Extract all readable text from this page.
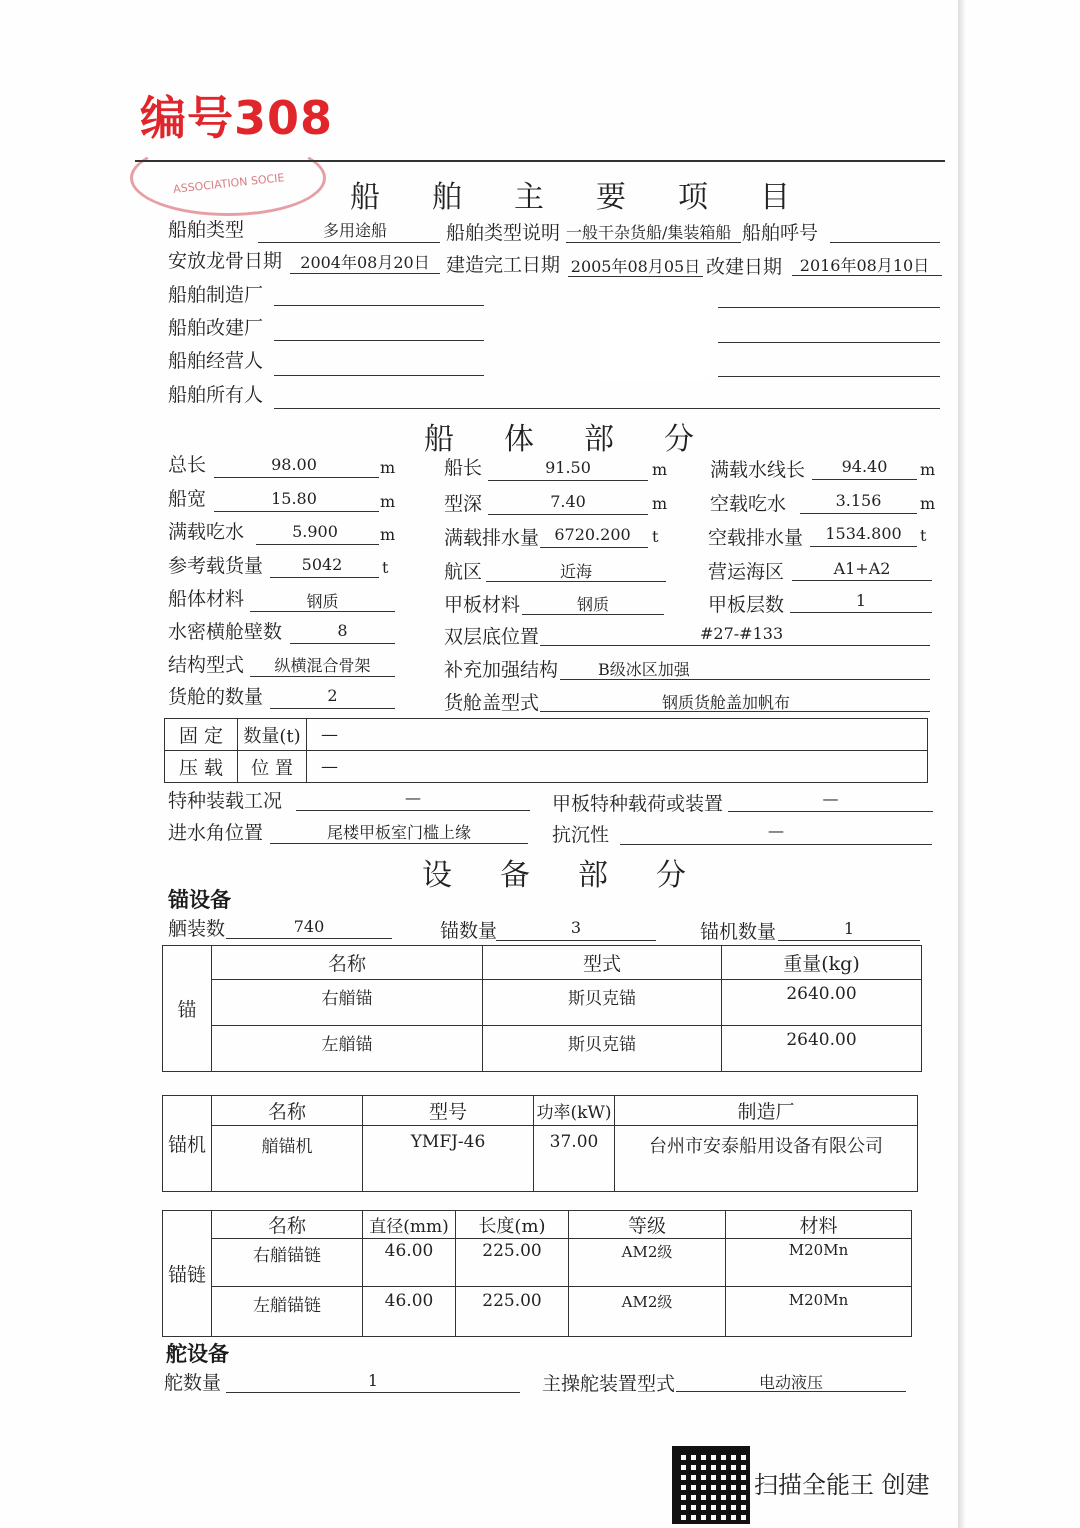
编号308
ASSOCIATION SOCIE 船舶主要项目
船舶类型	多用途船	船舶类型说明 一般干杂货船/集装箱船 船舶呼号
安放龙骨日期	2004年08月20日 建造完工日期 2005年08月05日 改建日期	2016年08月10日
船舶制造厂
船舶改建厂
船舶经营人
船舶所有人
船体部分
总长	98.00	m	船长	91.50	m 满载水线长	94.40	m
船宽	15.80	m	型深	7.40	m 空载吃水	3.156	m
满载吃水	5.900	m	满载排水量 6720.200	t	空载排水量	1534.800	t
参考载货量	5042	t	航区	近海	营运海区	A1+A2
船体材料	钢质	甲板材料	钢质	甲板层数	1
水密横舱壁数	8	双层底位置	#27-#133
结构型式	纵横混合骨架	补充加强结构	B级冰区加强
货舱的数量	2	货舱盖型式	钢质货舱盖加帆布
固 定	数量(t)	—
压 载	位 置	—
特种装载工况	—	甲板特种载荷或装置	—
进水角位置	尾楼甲板室门槛上缘	抗沉性	—
设备部分
锚设备
舾装数	740	锚数量	3	锚机数量	1
锚	名称	型式	重量(kg)
	右艏锚	斯贝克锚	2640.00
	左艏锚	斯贝克锚	2640.00
锚机	名称	型号	功率(kW)	制造厂
	艏锚机	YMFJ-46	37.00	台州市安泰船用设备有限公司
锚链	名称	直径(mm)	长度(m)	等级	材料
	右艏锚链	46.00	225.00	AM2级	M20Mn
	左艏锚链	46.00	225.00	AM2级	M20Mn
舵设备
舵数量	1	主操舵装置型式	电动液压
扫描全能王 创建
